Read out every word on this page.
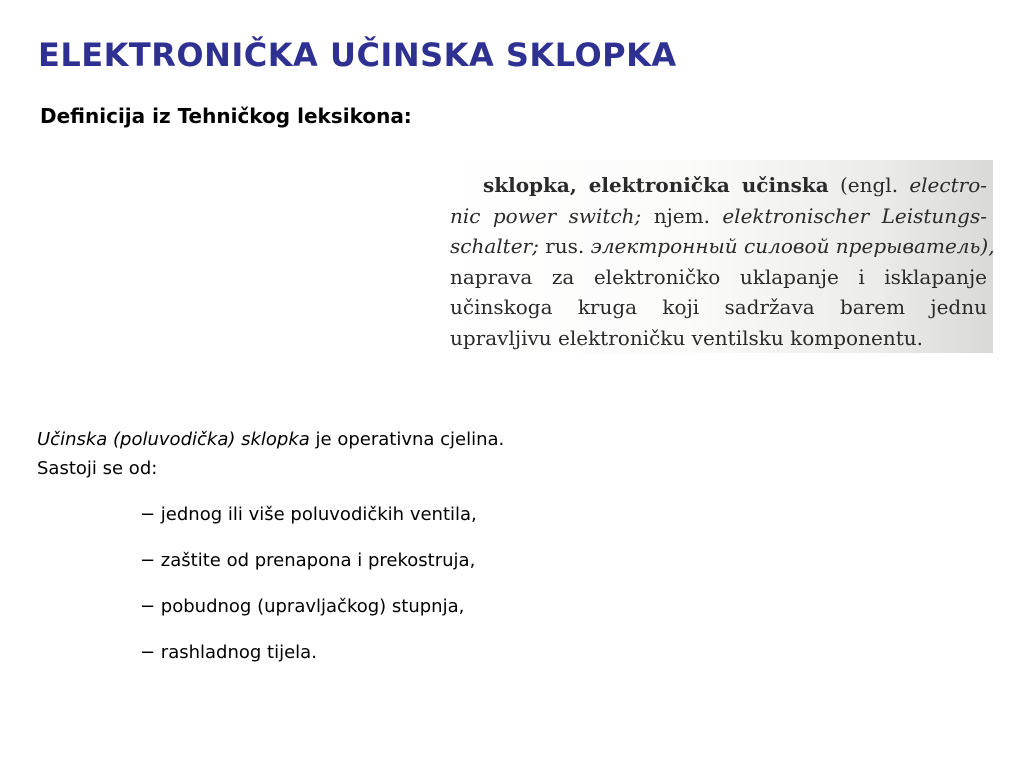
ELEKTRONIČKA UČINSKA SKLOPKA
Definicija iz Tehničkog leksikona:
sklopka, elektronička učinska (engl. electro-
nic power switch; njem. elektronischer Leistungs-
schalter; rus. электронный силовой прерыватель),
naprava za elektroničko uklapanje i isklapanje
učinskoga kruga koji sadržava barem jednu
upravljivu elektroničku ventilsku komponentu.
Učinska (poluvodička) sklopka je operativna cjelina.
Sastoji se od:
− jednog ili više poluvodičkih ventila,
− zaštite od prenapona i prekostruja,
− pobudnog (upravljačkog) stupnja,
− rashladnog tijela.
